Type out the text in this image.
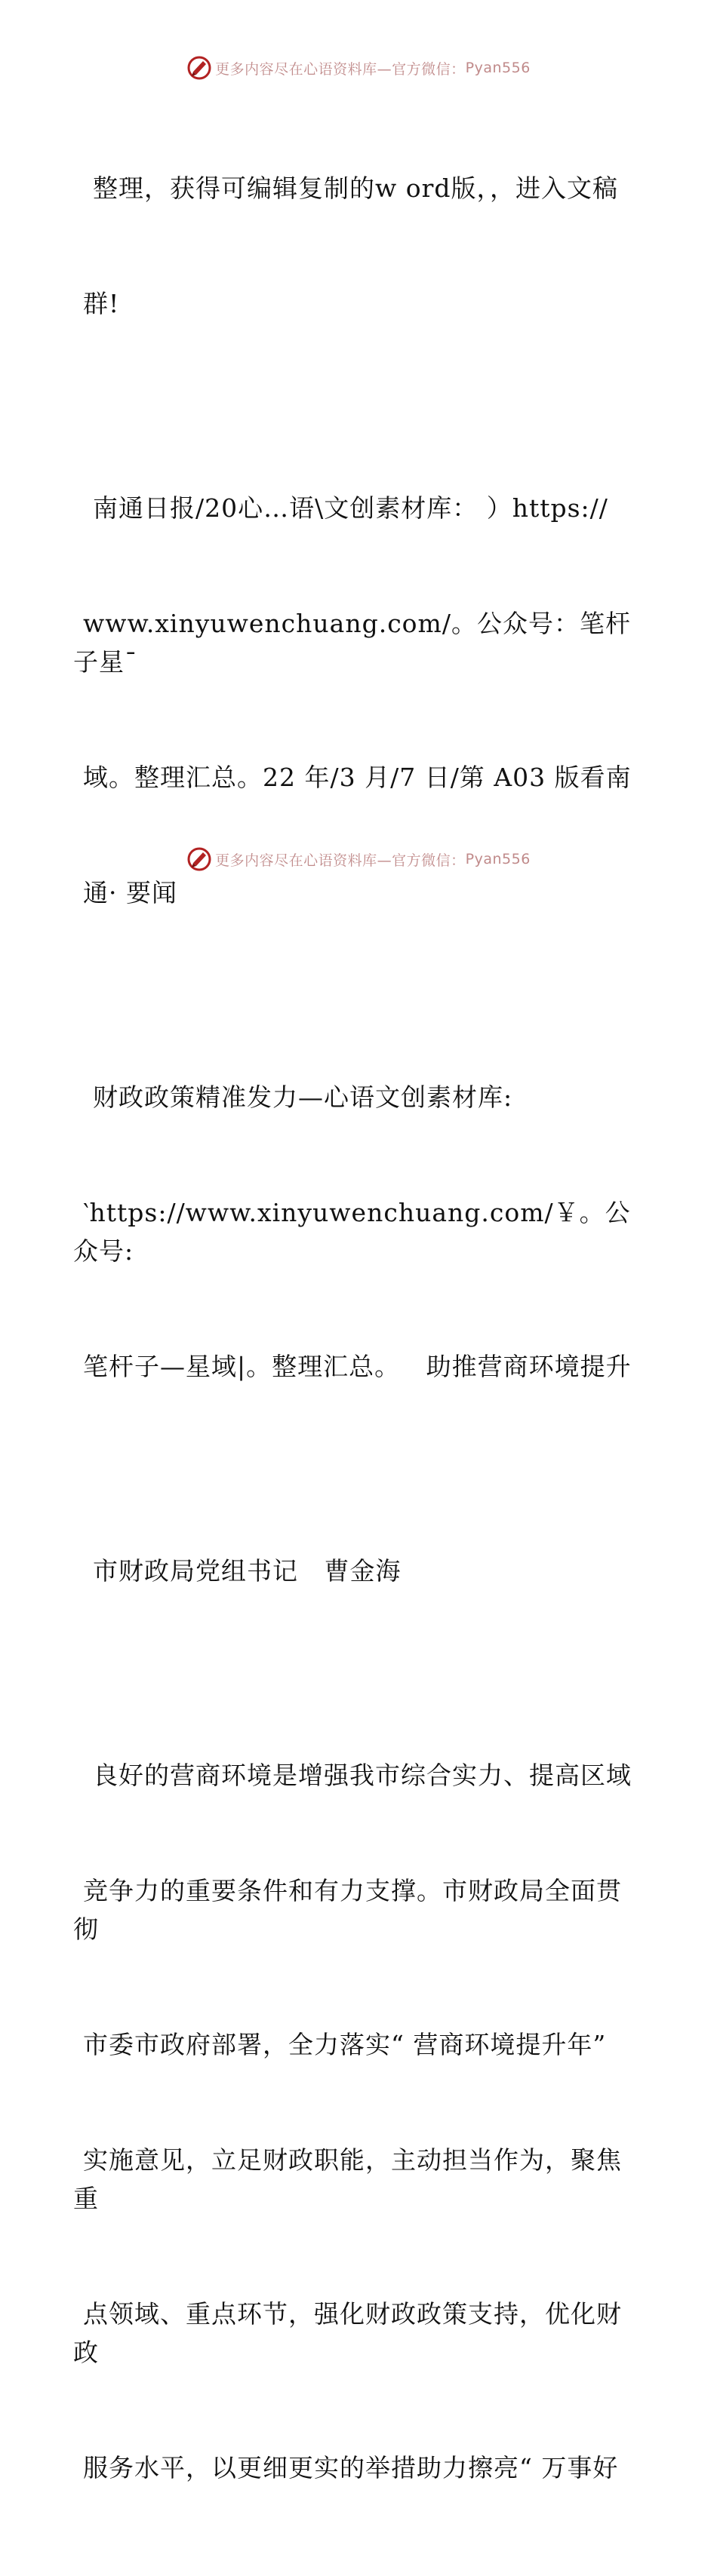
更多内容尽在心语资料库—官方微信： Pyan556

整理，获得可编辑复制的w ord版，，进入文稿

群!

南通日报/20心…语\文创素材库： ）https://

www.xinyuwenchuang.com/。公众号：笔杆子星¯

域。整理汇总。22 年/3 月/7 日/第 A03 版看南

通· 要闻

财政政策精准发力—心语文创素材库:

‵https://www.xinyuwenchuang.com/￥。公众号:

笔杆子—星域|。整理汇总。   助推营商环境提升

市财政局党组书记   曹金海

良好的营商环境是增强我市综合实力、提高区域

竞争力的重要条件和有力支撑。市财政局全面贯彻

市委市政府部署，全力落实“ 营商环境提升年”

实施意见，立足财政职能，主动担当作为，聚焦重

点领域、重点环节，强化财政政策支持，优化财政

服务水平，以更细更实的举措助力擦亮“ 万事好

更多内容尽在心语资料库—官方微信： Pyan556
